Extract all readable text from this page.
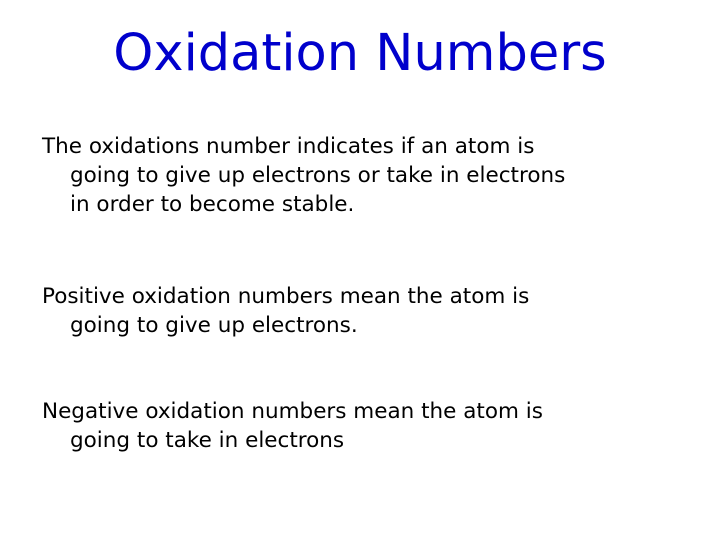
Oxidation Numbers
The oxidations number indicates if an atom is
going to give up electrons or take in electrons
in order to become stable.
Positive oxidation numbers mean the atom is
going to give up electrons.
Negative oxidation numbers mean the atom is
going to take in electrons
